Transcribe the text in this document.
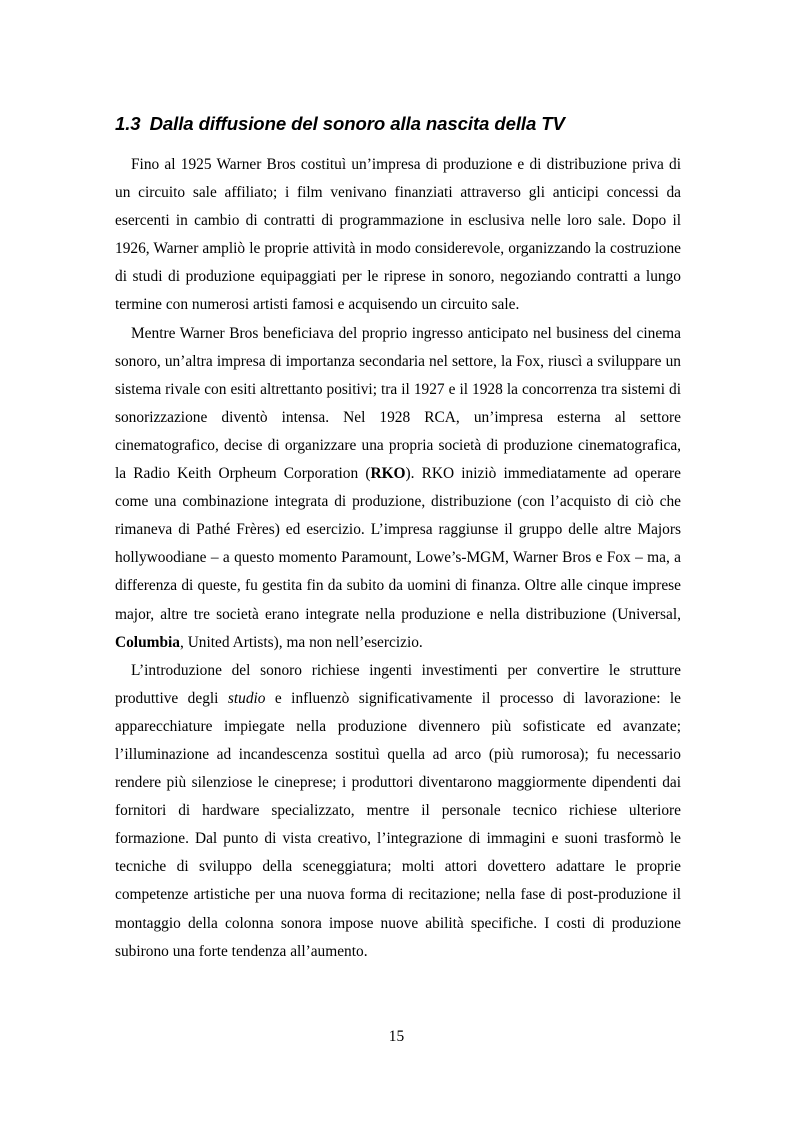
1.3 Dalla diffusione del sonoro alla nascita della TV

Fino al 1925 Warner Bros costituì un’impresa di produzione e di distribuzione priva di un circuito sale affiliato; i film venivano finanziati attraverso gli anticipi concessi da esercenti in cambio di contratti di programmazione in esclusiva nelle loro sale. Dopo il 1926, Warner ampliò le proprie attività in modo considerevole, organizzando la costruzione di studi di produzione equipaggiati per le riprese in sonoro, negoziando contratti a lungo termine con numerosi artisti famosi e acquisendo un circuito sale.

Mentre Warner Bros beneficiava del proprio ingresso anticipato nel business del cinema sonoro, un’altra impresa di importanza secondaria nel settore, la Fox, riuscì a sviluppare un sistema rivale con esiti altrettanto positivi; tra il 1927 e il 1928 la concorrenza tra sistemi di sonorizzazione diventò intensa. Nel 1928 RCA, un’impresa esterna al settore cinematografico, decise di organizzare una propria società di produzione cinematografica, la Radio Keith Orpheum Corporation (RKO). RKO iniziò immediatamente ad operare come una combinazione integrata di produzione, distribuzione (con l’acquisto di ciò che rimaneva di Pathé Frères) ed esercizio. L’impresa raggiunse il gruppo delle altre Majors hollywoodiane – a questo momento Paramount, Lowe’s-MGM, Warner Bros e Fox – ma, a differenza di queste, fu gestita fin da subito da uomini di finanza. Oltre alle cinque imprese major, altre tre società erano integrate nella produzione e nella distribuzione (Universal, Columbia, United Artists), ma non nell’esercizio.

L’introduzione del sonoro richiese ingenti investimenti per convertire le strutture produttive degli studio e influenzò significativamente il processo di lavorazione: le apparecchiature impiegate nella produzione divennero più sofisticate ed avanzate; l’illuminazione ad incandescenza sostituì quella ad arco (più rumorosa); fu necessario rendere più silenziose le cineprese; i produttori diventarono maggiormente dipendenti dai fornitori di hardware specializzato, mentre il personale tecnico richiese ulteriore formazione. Dal punto di vista creativo, l’integrazione di immagini e suoni trasformò le tecniche di sviluppo della sceneggiatura; molti attori dovettero adattare le proprie competenze artistiche per una nuova forma di recitazione; nella fase di post-produzione il montaggio della colonna sonora impose nuove abilità specifiche. I costi di produzione subirono una forte tendenza all’aumento.

15
